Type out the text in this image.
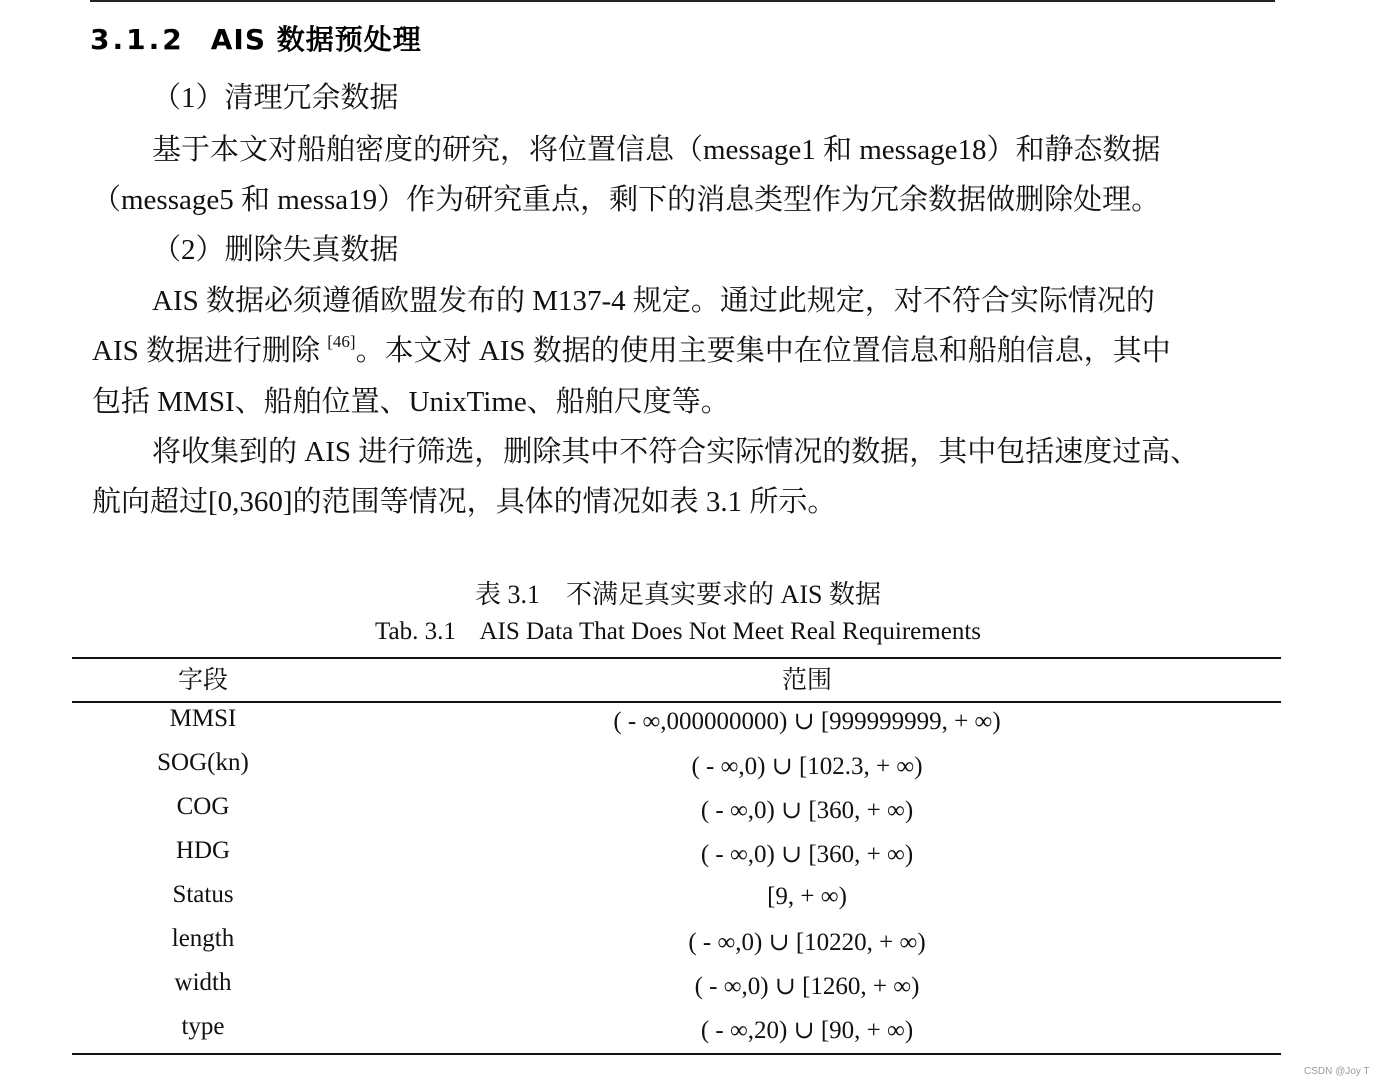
3.1.2 AIS 数据预处理
（1）清理冗余数据
基于本文对船舶密度的研究，将位置信息（message1 和 message18）和静态数据
（message5 和 messa19）作为研究重点，剩下的消息类型作为冗余数据做删除处理。
（2）删除失真数据
AIS 数据必须遵循欧盟发布的 M137-4 规定。通过此规定，对不符合实际情况的
AIS 数据进行删除 [46]。本文对 AIS 数据的使用主要集中在位置信息和船舶信息，其中
包括 MMSI、船舶位置、UnixTime、船舶尺度等。
将收集到的 AIS 进行筛选，删除其中不符合实际情况的数据，其中包括速度过高、
航向超过[0,360]的范围等情况，具体的情况如表 3.1 所示。
表 3.1    不满足真实要求的 AIS 数据
Tab. 3.1    AIS Data That Does Not Meet Real Requirements
字段	范围
MMSI	( - ∞,000000000) ∪ [999999999, + ∞)
SOG(kn)	( - ∞,0) ∪ [102.3, + ∞)
COG	( - ∞,0) ∪ [360, + ∞)
HDG	( - ∞,0) ∪ [360, + ∞)
Status	[9, + ∞)
length	( - ∞,0) ∪ [10220, + ∞)
width	( - ∞,0) ∪ [1260, + ∞)
type	( - ∞,20) ∪ [90, + ∞)
CSDN @Joy T
